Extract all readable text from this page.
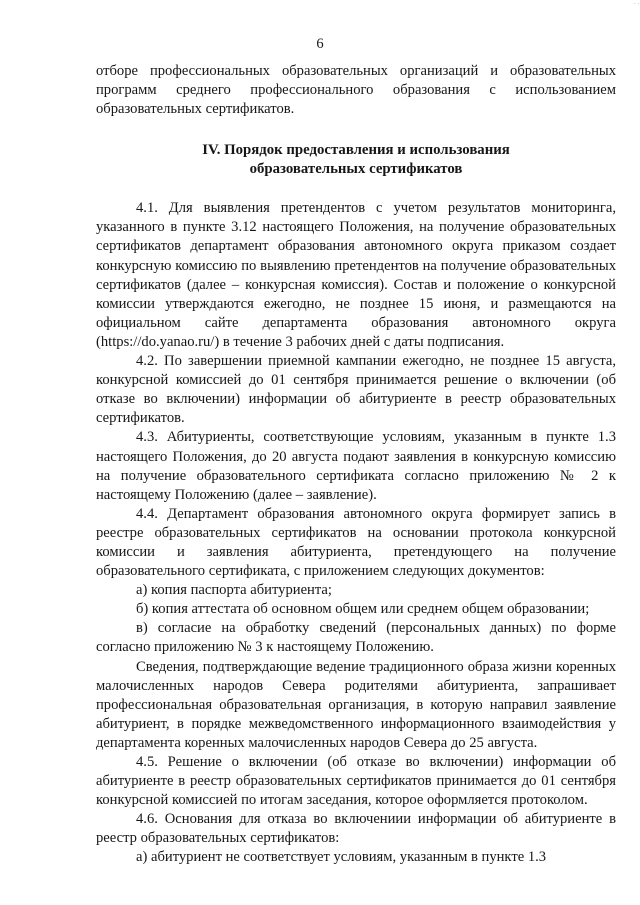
· ·
6

отборе профессиональных образовательных организаций и образовательных программ среднего профессионального образования с использованием образовательных сертификатов.

IV. Порядок предоставления и использования
образовательных сертификатов

4.1. Для выявления претендентов с учетом результатов мониторинга, указанного в пункте 3.12 настоящего Положения, на получение образовательных сертификатов департамент образования автономного округа приказом создает конкурсную комиссию по выявлению претендентов на получение образовательных сертификатов (далее – конкурсная комиссия). Состав и положение о конкурсной комиссии утверждаются ежегодно, не позднее 15 июня, и размещаются на официальном сайте департамента образования автономного округа (https://do.yanao.ru/) в течение 3 рабочих дней с даты подписания.

4.2. По завершении приемной кампании ежегодно, не позднее 15 августа, конкурсной комиссией до 01 сентября принимается решение о включении (об отказе во включении) информации об абитуриенте в реестр образовательных сертификатов.

4.3. Абитуриенты, соответствующие условиям, указанным в пункте 1.3 настоящего Положения, до 20 августа подают заявления в конкурсную комиссию на получение образовательного сертификата согласно приложению № 2 к настоящему Положению (далее – заявление).

4.4. Департамент образования автономного округа формирует запись в реестре образовательных сертификатов на основании протокола конкурсной комиссии и заявления абитуриента, претендующего на получение образовательного сертификата, с приложением следующих документов:

а) копия паспорта абитуриента;

б) копия аттестата об основном общем или среднем общем образовании;

в) согласие на обработку сведений (персональных данных) по форме согласно приложению № 3 к настоящему Положению.

Сведения, подтверждающие ведение традиционного образа жизни коренных малочисленных народов Севера родителями абитуриента, запрашивает профессиональная образовательная организация, в которую направил заявление абитуриент, в порядке межведомственного информационного взаимодействия у департамента коренных малочисленных народов Севера до 25 августа.

4.5. Решение о включении (об отказе во включении) информации об абитуриенте в реестр образовательных сертификатов принимается до 01 сентября конкурсной комиссией по итогам заседания, которое оформляется протоколом.

4.6. Основания для отказа во включениии информации об абитуриенте в реестр образовательных сертификатов:

а) абитуриент не соответствует условиям, указанным в пункте 1.3
